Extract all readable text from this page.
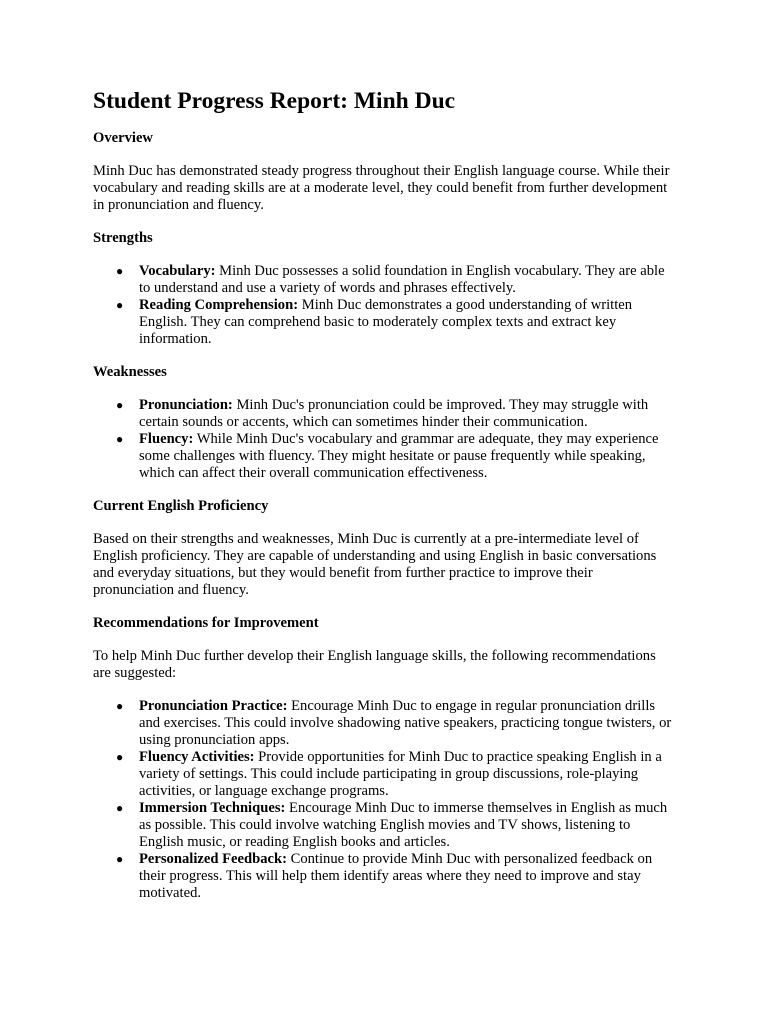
Student Progress Report: Minh Duc
Overview

Minh Duc has demonstrated steady progress throughout their English language course. While their vocabulary and reading skills are at a moderate level, they could benefit from further development in pronunciation and fluency.

Strengths
● Vocabulary: Minh Duc possesses a solid foundation in English vocabulary. They are able to understand and use a variety of words and phrases effectively.
● Reading Comprehension: Minh Duc demonstrates a good understanding of written English. They can comprehend basic to moderately complex texts and extract key information.
Weaknesses
● Pronunciation: Minh Duc's pronunciation could be improved. They may struggle with certain sounds or accents, which can sometimes hinder their communication.
● Fluency: While Minh Duc's vocabulary and grammar are adequate, they may experience some challenges with fluency. They might hesitate or pause frequently while speaking, which can affect their overall communication effectiveness.
Current English Proficiency

Based on their strengths and weaknesses, Minh Duc is currently at a pre-intermediate level of English proficiency. They are capable of understanding and using English in basic conversations and everyday situations, but they would benefit from further practice to improve their pronunciation and fluency.

Recommendations for Improvement

To help Minh Duc further develop their English language skills, the following recommendations are suggested:

● Pronunciation Practice: Encourage Minh Duc to engage in regular pronunciation drills and exercises. This could involve shadowing native speakers, practicing tongue twisters, or using pronunciation apps.
● Fluency Activities: Provide opportunities for Minh Duc to practice speaking English in a variety of settings. This could include participating in group discussions, role-playing activities, or language exchange programs.
● Immersion Techniques: Encourage Minh Duc to immerse themselves in English as much as possible. This could involve watching English movies and TV shows, listening to English music, or reading English books and articles.
● Personalized Feedback: Continue to provide Minh Duc with personalized feedback on their progress. This will help them identify areas where they need to improve and stay motivated.
